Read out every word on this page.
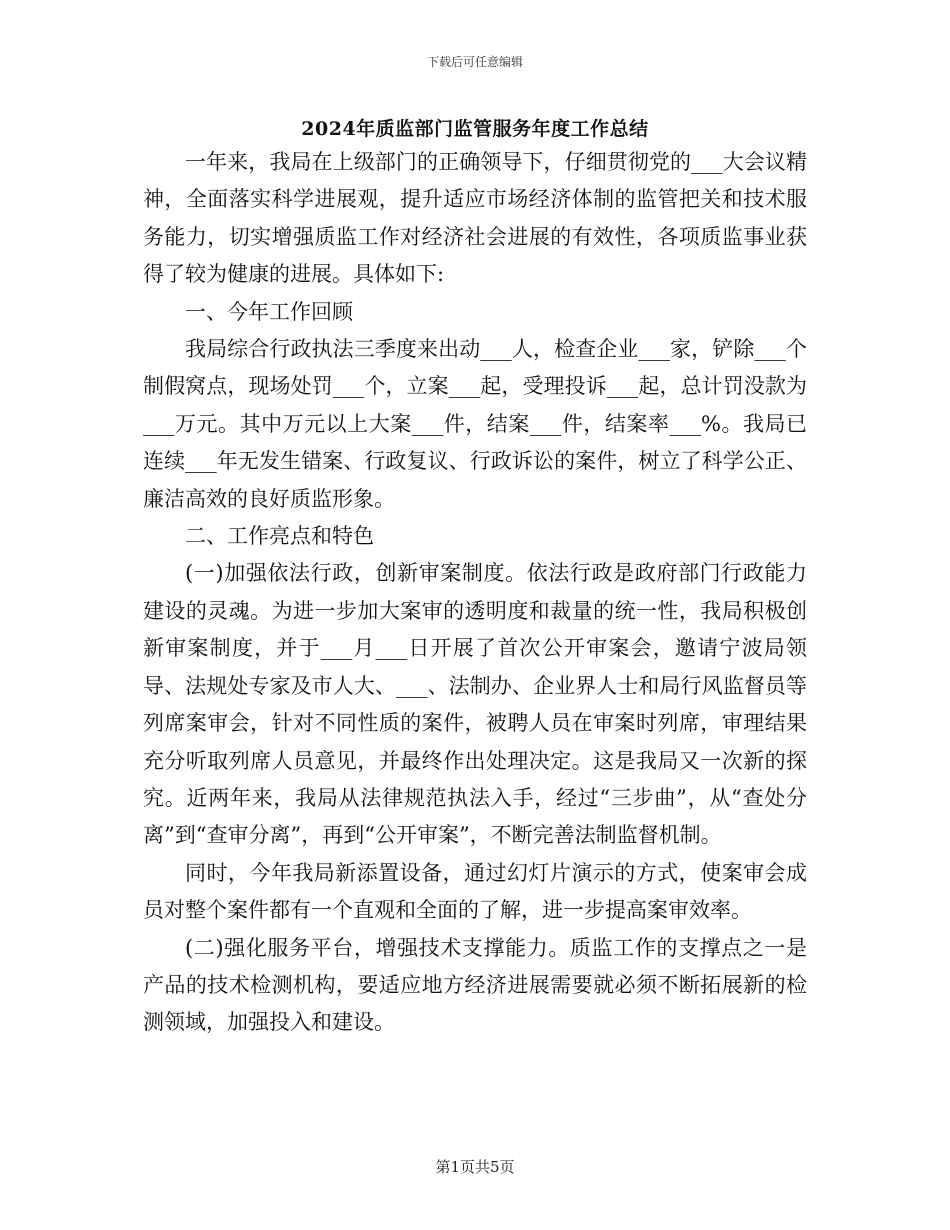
下载后可任意编辑
2024年质监部门监管服务年度工作总结

一年来，我局在上级部门的正确领导下，仔细贯彻党的___大会议精神，全面落实科学进展观，提升适应市场经济体制的监管把关和技术服务能力，切实增强质监工作对经济社会进展的有效性，各项质监事业获得了较为健康的进展。具体如下:

一、今年工作回顾

我局综合行政执法三季度来出动___人，检查企业___家，铲除___个制假窝点，现场处罚___个，立案___起，受理投诉___起，总计罚没款为___万元。其中万元以上大案___件，结案___件，结案率___%。我局已连续___年无发生错案、行政复议、行政诉讼的案件，树立了科学公正、廉洁高效的良好质监形象。

二、工作亮点和特色

(一)加强依法行政，创新审案制度。依法行政是政府部门行政能力建设的灵魂。为进一步加大案审的透明度和裁量的统一性，我局积极创新审案制度，并于___月___日开展了首次公开审案会，邀请宁波局领导、法规处专家及市人大、___、法制办、企业界人士和局行风监督员等列席案审会，针对不同性质的案件，被聘人员在审案时列席，审理结果充分听取列席人员意见，并最终作出处理决定。这是我局又一次新的探究。近两年来，我局从法律规范执法入手，经过“三步曲”，从“查处分离”到“查审分离”，再到“公开审案”，不断完善法制监督机制。

同时，今年我局新添置设备，通过幻灯片演示的方式，使案审会成员对整个案件都有一个直观和全面的了解，进一步提高案审效率。

(二)强化服务平台，增强技术支撑能力。质监工作的支撑点之一是产品的技术检测机构，要适应地方经济进展需要就必须不断拓展新的检测领域，加强投入和建设。

第1页共5页
